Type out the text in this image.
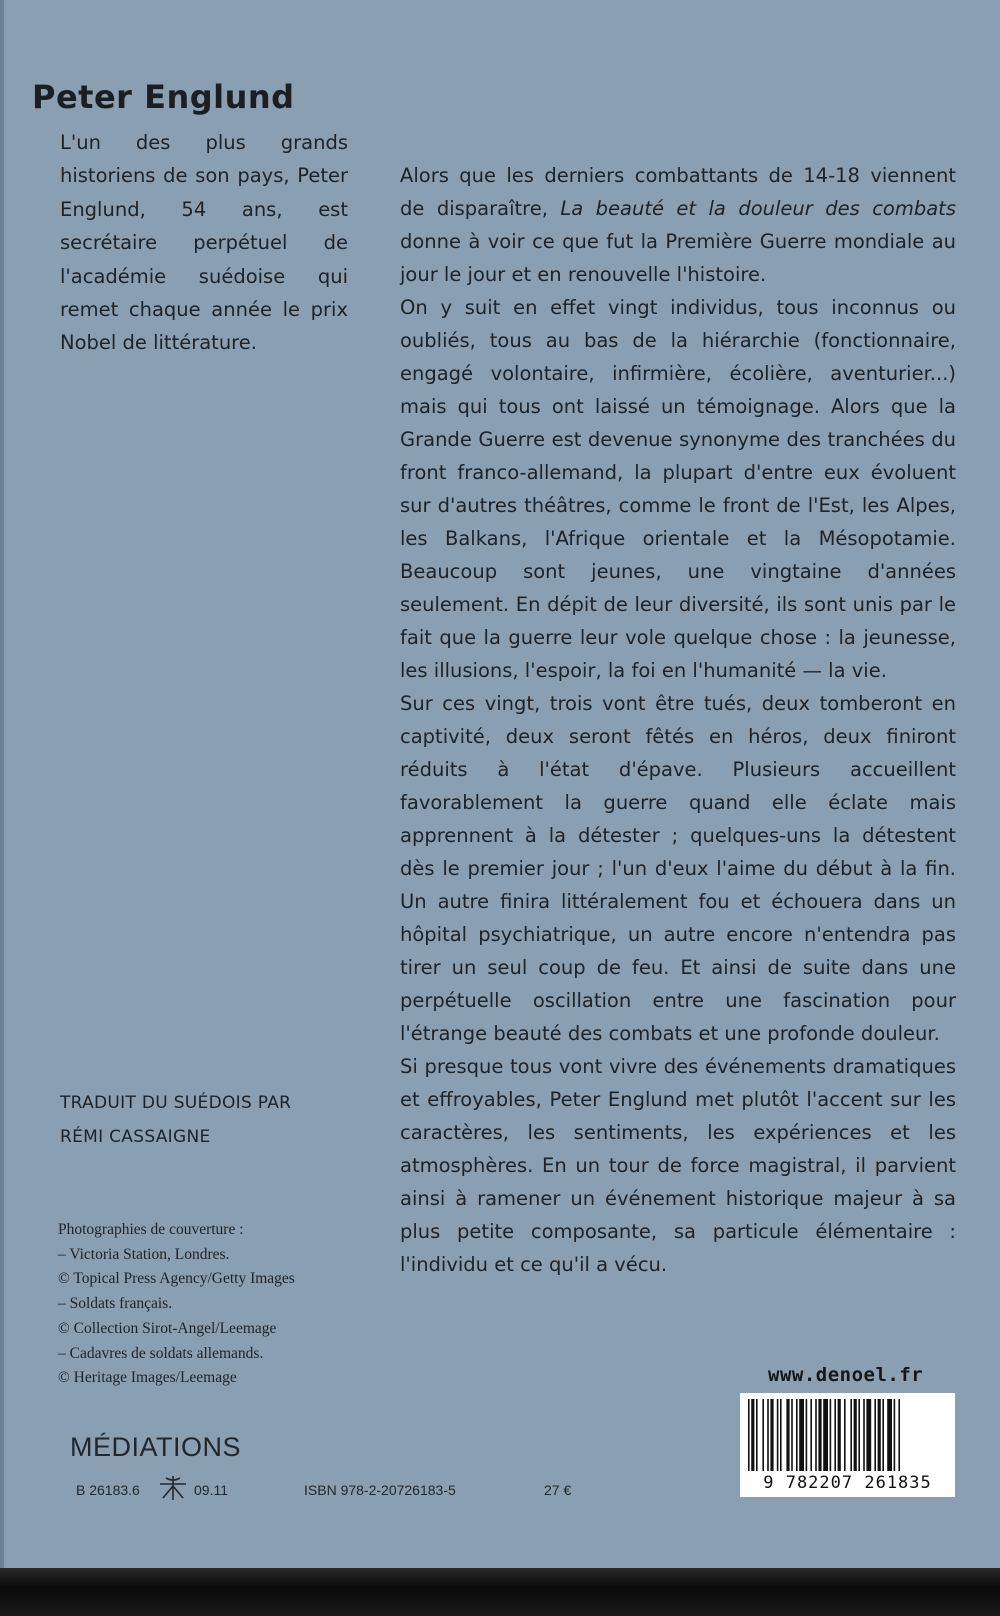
Peter Englund
L'un des plus grands historiens de son pays, Peter Englund, 54 ans, est secrétaire perpétuel de l'académie suédoise qui remet chaque année le prix Nobel de littérature.

Alors que les derniers combattants de 14-18 viennent de disparaître, La beauté et la douleur des combats donne à voir ce que fut la Première Guerre mondiale au jour le jour et en renouvelle l'histoire.

On y suit en effet vingt individus, tous inconnus ou oubliés, tous au bas de la hiérarchie (fonctionnaire, engagé volontaire, infirmière, écolière, aventurier...) mais qui tous ont laissé un témoignage. Alors que la Grande Guerre est devenue synonyme des tranchées du front franco-allemand, la plupart d'entre eux évoluent sur d'autres théâtres, comme le front de l'Est, les Alpes, les Balkans, l'Afrique orientale et la Mésopotamie. Beaucoup sont jeunes, une vingtaine d'années seulement. En dépit de leur diversité, ils sont unis par le fait que la guerre leur vole quelque chose : la jeunesse, les illusions, l'espoir, la foi en l'humanité — la vie.

Sur ces vingt, trois vont être tués, deux tomberont en captivité, deux seront fêtés en héros, deux finiront réduits à l'état d'épave. Plusieurs accueillent favorablement la guerre quand elle éclate mais apprennent à la détester ; quelques-uns la détestent dès le premier jour ; l'un d'eux l'aime du début à la fin. Un autre finira littéralement fou et échouera dans un hôpital psychiatrique, un autre encore n'entendra pas tirer un seul coup de feu. Et ainsi de suite dans une perpétuelle oscillation entre une fascination pour l'étrange beauté des combats et une profonde douleur.

Si presque tous vont vivre des événements dramatiques et effroyables, Peter Englund met plutôt l'accent sur les caractères, les sentiments, les expériences et les atmosphères. En un tour de force magistral, il parvient ainsi à ramener un événement historique majeur à sa plus petite composante, sa particule élémentaire : l'individu et ce qu'il a vécu.

TRADUIT DU SUÉDOIS PAR
RÉMI CASSAIGNE
Photographies de couverture :
– Victoria Station, Londres.
© Topical Press Agency/Getty Images
– Soldats français.
© Collection Sirot-Angel/Leemage
– Cadavres de soldats allemands.
© Heritage Images/Leemage
MÉDIATIONS
B 26183.6	09.11	ISBN 978-2-20726183-5	27 €
www.denoel.fr
9 782207 261835
